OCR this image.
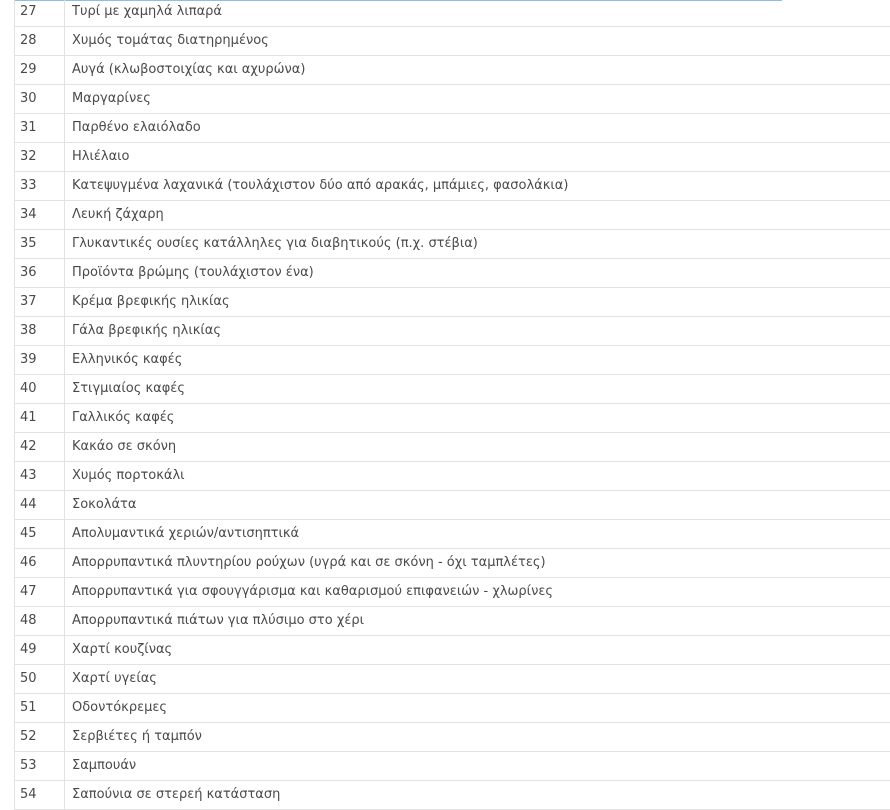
27	Τυρί με χαμηλά λιπαρά
28	Χυμός τομάτας διατηρημένος
29	Αυγά (κλωβοστοιχίας και αχυρώνα)
30	Μαργαρίνες
31	Παρθένο ελαιόλαδο
32	Ηλιέλαιο
33	Κατεψυγμένα λαχανικά (τουλάχιστον δύο από αρακάς, μπάμιες, φασολάκια)
34	Λευκή ζάχαρη
35	Γλυκαντικές ουσίες κατάλληλες για διαβητικούς (π.χ. στέβια)
36	Προϊόντα βρώμης (τουλάχιστον ένα)
37	Κρέμα βρεφικής ηλικίας
38	Γάλα βρεφικής ηλικίας
39	Ελληνικός καφές
40	Στιγμιαίος καφές
41	Γαλλικός καφές
42	Κακάο σε σκόνη
43	Χυμός πορτοκάλι
44	Σοκολάτα
45	Απολυμαντικά χεριών/αντισηπτικά
46	Απορρυπαντικά πλυντηρίου ρούχων (υγρά και σε σκόνη - όχι ταμπλέτες)
47	Απορρυπαντικά για σφουγγάρισμα και καθαρισμού επιφανειών - χλωρίνες
48	Απορρυπαντικά πιάτων για πλύσιμο στο χέρι
49	Χαρτί κουζίνας
50	Χαρτί υγείας
51	Οδοντόκρεμες
52	Σερβιέτες ή ταμπόν
53	Σαμπουάν
54	Σαπούνια σε στερεή κατάσταση
